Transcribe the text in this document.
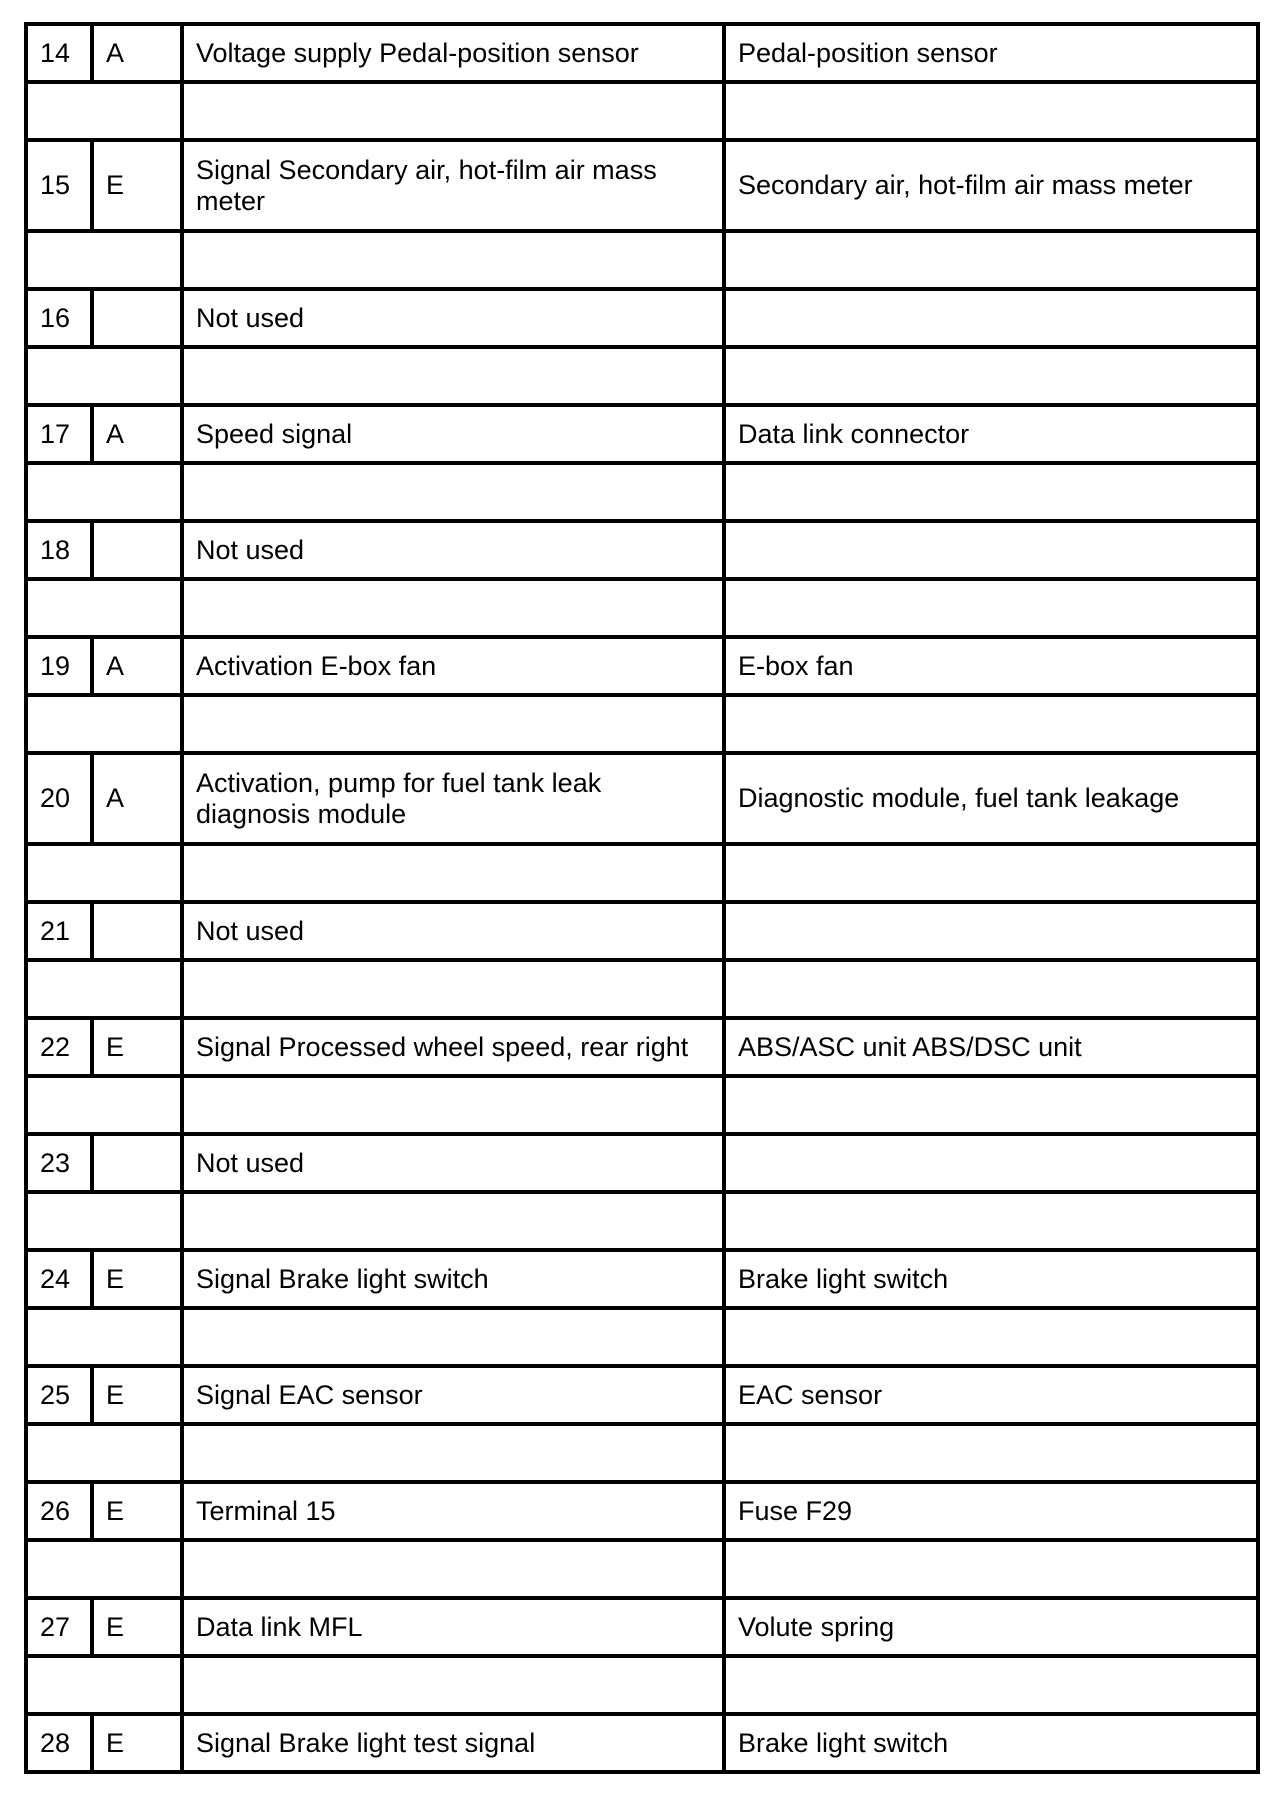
14	A	Voltage supply Pedal-position sensor	Pedal-position sensor

15	E	Signal Secondary air, hot-film air mass meter	Secondary air, hot-film air mass meter

16		Not used	

17	A	Speed signal	Data link connector

18		Not used	

19	A	Activation E-box fan	E-box fan

20	A	Activation, pump for fuel tank leak diagnosis module	Diagnostic module, fuel tank leakage

21		Not used	

22	E	Signal Processed wheel speed, rear right	ABS/ASC unit ABS/DSC unit

23		Not used	

24	E	Signal Brake light switch	Brake light switch

25	E	Signal EAC sensor	EAC sensor

26	E	Terminal 15	Fuse F29

27	E	Data link MFL	Volute spring

28	E	Signal Brake light test signal	Brake light switch
